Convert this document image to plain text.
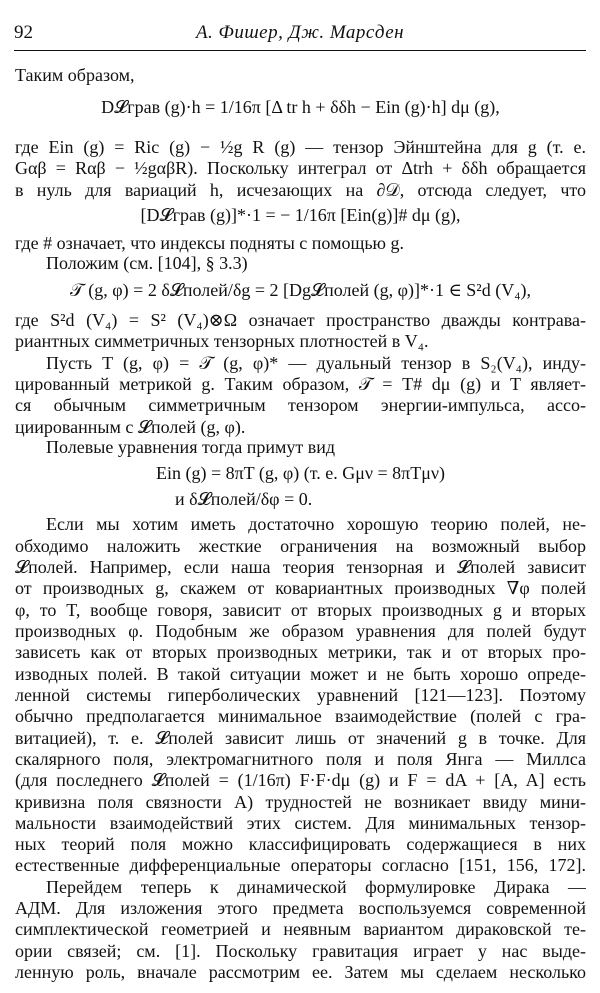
92	А. Фишер, Дж. Марсден
Таким образом,
D𝓛грав (g)·h = 1/16π [Δ tr h + δδh − Ein (g)·h] dμ (g),
где Ein (g) = Ric (g) − ½g R (g) — тензор Эйнштейна для g (т. е.
Gαβ = Rαβ − ½gαβR). Поскольку интеграл от Δtrh + δδh обращается
в нуль для вариаций h, исчезающих на ∂𝒟, отсюда следует, что
[D𝓛грав (g)]*·1 = − 1/16π [Ein(g)]# dμ (g),
где # означает, что индексы подняты с помощью g.
Положим (см. [104], § 3.3)
𝒯 (g, φ) = 2 δ𝓛полей/δg = 2 [Dg𝓛полей (g, φ)]*·1 ∈ S²d (V₄),
где S²d (V₄) = S² (V₄)⊗Ω означает пространство дважды контрава-
риантных симметричных тензорных плотностей в V₄.
Пусть T (g, φ) = 𝒯 (g, φ)* — дуальный тензор в S₂(V₄), инду-
цированный метрикой g. Таким образом, 𝒯 = T# dμ (g) и T являет-
ся обычным симметричным тензором энергии-импульса, ассо-
циированным с 𝓛полей (g, φ).
Полевые уравнения тогда примут вид
Ein (g) = 8πT (g, φ) (т. е. Gμν = 8πTμν)
и δ𝓛полей/δφ = 0.
Если мы хотим иметь достаточно хорошую теорию полей, не-
обходимо наложить жесткие ограничения на возможный выбор
𝓛полей. Например, если наша теория тензорная и 𝓛полей зависит
от производных g, скажем от ковариантных производных ∇φ полей
φ, то T, вообще говоря, зависит от вторых производных g и вторых
производных φ. Подобным же образом уравнения для полей будут
зависеть как от вторых производных метрики, так и от вторых про-
изводных полей. В такой ситуации может и не быть хорошо опреде-
ленной системы гиперболических уравнений [121—123]. Поэтому
обычно предполагается минимальное взаимодействие (полей с гра-
витацией), т. е. 𝓛полей зависит лишь от значений g в точке. Для
скалярного поля, электромагнитного поля и поля Янга — Миллса
(для последнего 𝓛полей = (1/16π) F·F·dμ (g) и F = dA + [A, A] есть
кривизна поля связности A) трудностей не возникает ввиду мини-
мальности взаимодействий этих систем. Для минимальных тензор-
ных теорий поля можно классифицировать содержащиеся в них
естественные дифференциальные операторы согласно [151, 156, 172].
Перейдем теперь к динамической формулировке Дирака —
АДМ. Для изложения этого предмета воспользуемся современной
симплектической геометрией и неявным вариантом дираковской те-
ории связей; см. [1]. Поскольку гравитация играет у нас выде-
ленную роль, вначале рассмотрим ее. Затем мы сделаем несколько
